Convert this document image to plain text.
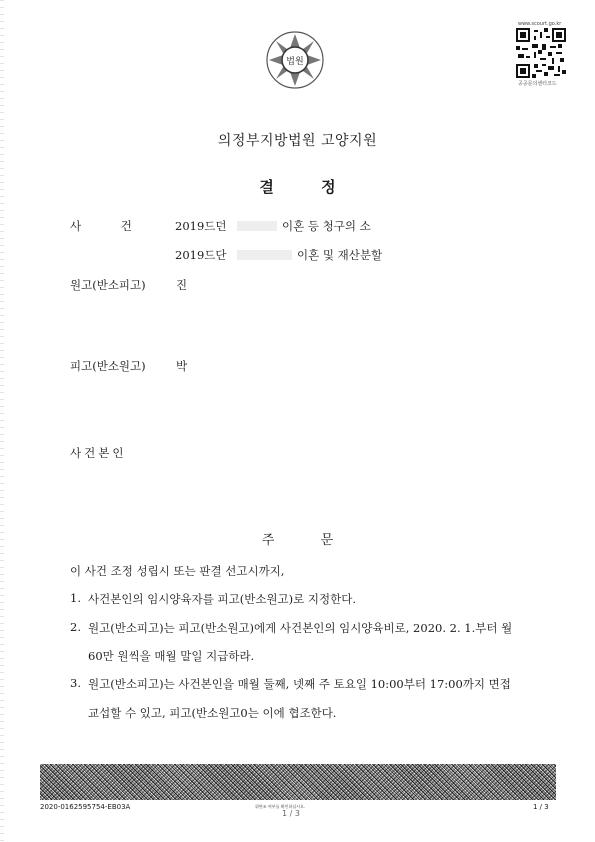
법원
www.scourt.go.kr
공공문의센터코드
의정부지방법원 고양지원
결 정
사 건	2019드던	이혼 등 청구의 소
2019드단	이혼 및 재산분할
원고(반소피고)	진
피고(반소원고)	박
사건본인
주 문
이 사건 조정 성립시 또는 판결 선고시까지,
1. 사건본인의 임시양육자를 피고(반소원고)로 지정한다.
2. 원고(반소피고)는 피고(반소원고)에게 사건본인의 임시양육비로, 2020. 2. 1.부터 월
60만 원씩을 매월 말일 지급하라.
3. 원고(반소피고)는 사건본인을 매월 둘째, 넷째 주 토요일 10:00부터 17:00까지 면접
교섭할 수 있고, 피고(반소원고0는 이에 협조한다.
2020-0162595754-EB03A	위변조 여부를 확인하십시오.
1 / 3
1 / 3
